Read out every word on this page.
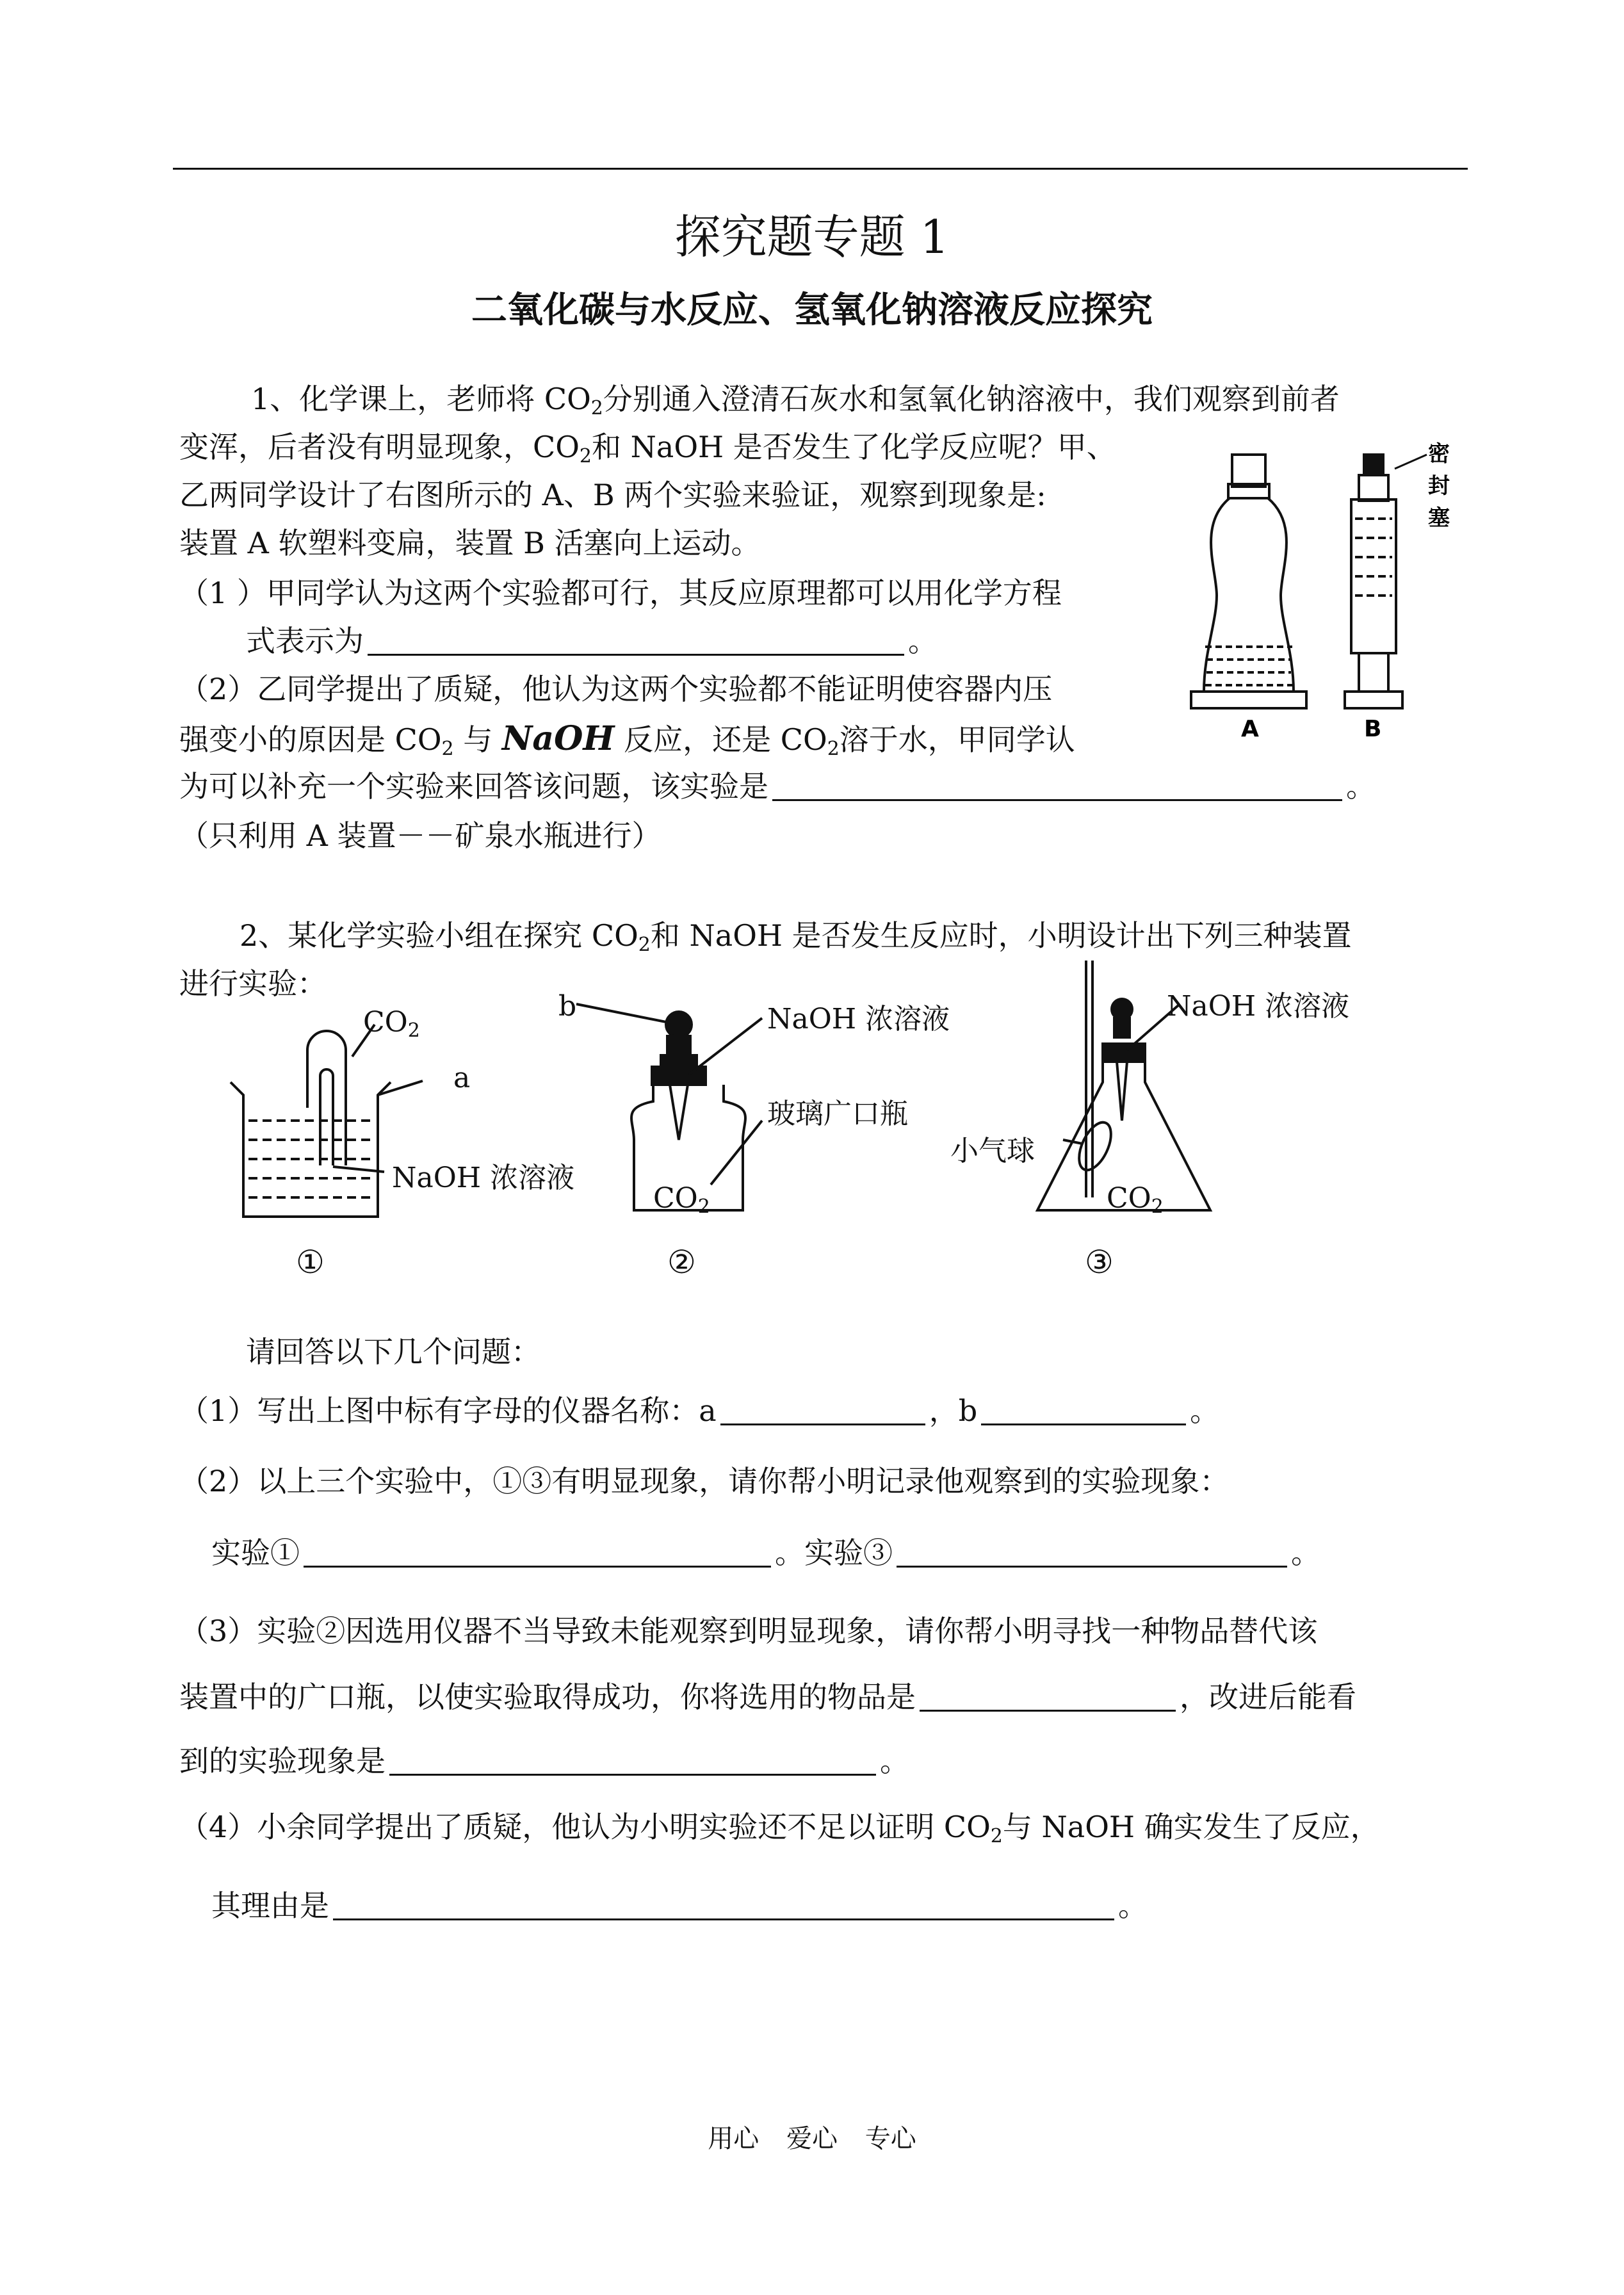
探究题专题 1
二氧化碳与水反应、氢氧化钠溶液反应探究
1、化学课上，老师将 $CO_2$分别通入澄清石灰水和氢氧化钠溶液中，我们观察到前者
变浑，后者没有明显现象，$CO_2$和 NaOH 是否发生了化学反应呢？甲、
乙两同学设计了右图所示的 A、B 两个实验来验证，观察到现象是:
装置 A 软塑料变扁，装置 B 活塞向上运动。
（1 ）甲同学认为这两个实验都可行，其反应原理都可以用化学方程
式表示为	。
（2）乙同学提出了质疑，他认为这两个实验都不能证明使容器内压
强变小的原因是 $CO_2$ 与 NaOH 反应，还是 $CO_2$溶于水，甲同学认
为可以补充一个实验来回答该问题，该实验是	。
（只利用 A 装置－－矿泉水瓶进行）
A	B
密
封
塞
2、某化学实验小组在探究 $CO_2$和 NaOH 是否发生反应时，小明设计出下列三种装置
进行实验：
$CO_2$
a
NaOH 浓溶液
①
b	NaOH 浓溶液
玻璃广口瓶
$CO_2$
②
NaOH 浓溶液
小气球
$CO_2$
③
请回答以下几个问题：
（1）写出上图中标有字母的仪器名称：a	，b	。
（2）以上三个实验中，①③有明显现象，请你帮小明记录他观察到的实验现象：
实验①	。实验③	。
（3）实验②因选用仪器不当导致未能观察到明显现象，请你帮小明寻找一种物品替代该
装置中的广口瓶，以使实验取得成功，你将选用的物品是	，改进后能看
到的实验现象是	。
（4）小余同学提出了质疑，他认为小明实验还不足以证明 $CO_2$与 NaOH 确实发生了反应，
其理由是	。
用心 爱心 专心
